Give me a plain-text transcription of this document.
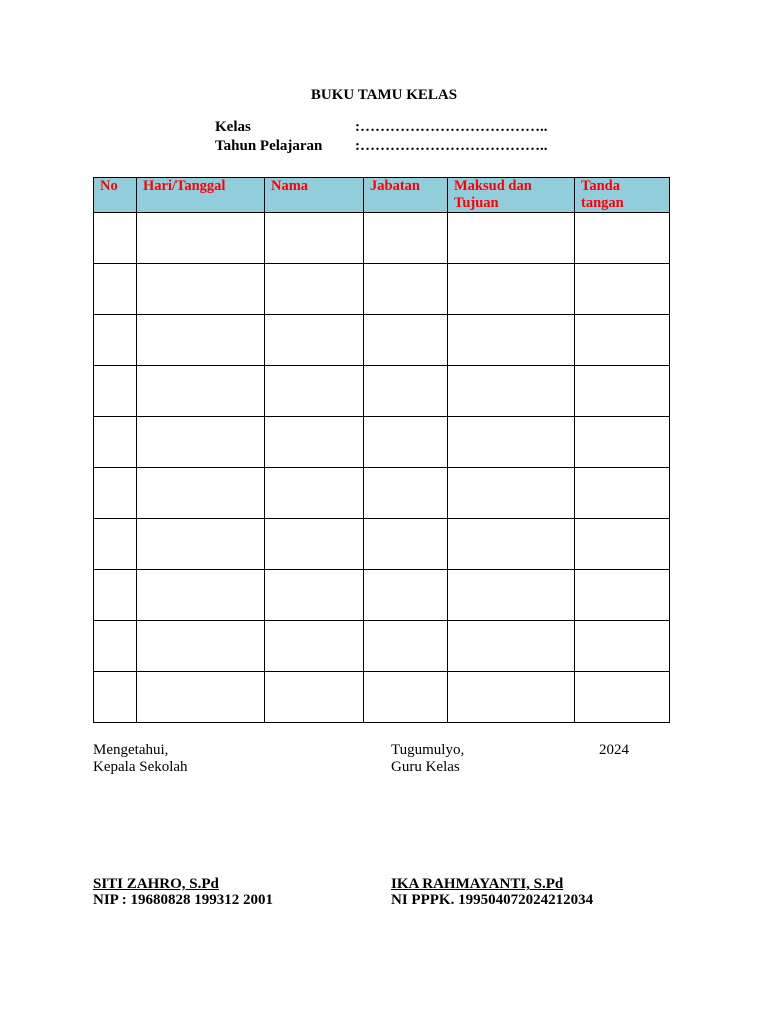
BUKU TAMU KELAS
Kelas	:………………………………..
Tahun Pelajaran	:………………………………..
No	Hari/Tanggal	Nama	Jabatan	Maksud dan Tujuan	Tanda tangan

Mengetahui,
Kepala Sekolah
SITI ZAHRO, S.Pd
NIP : 19680828 199312 2001
Tugumulyo,	2024
Guru Kelas
IKA RAHMAYANTI, S.Pd
NI PPPK. 199504072024212034
